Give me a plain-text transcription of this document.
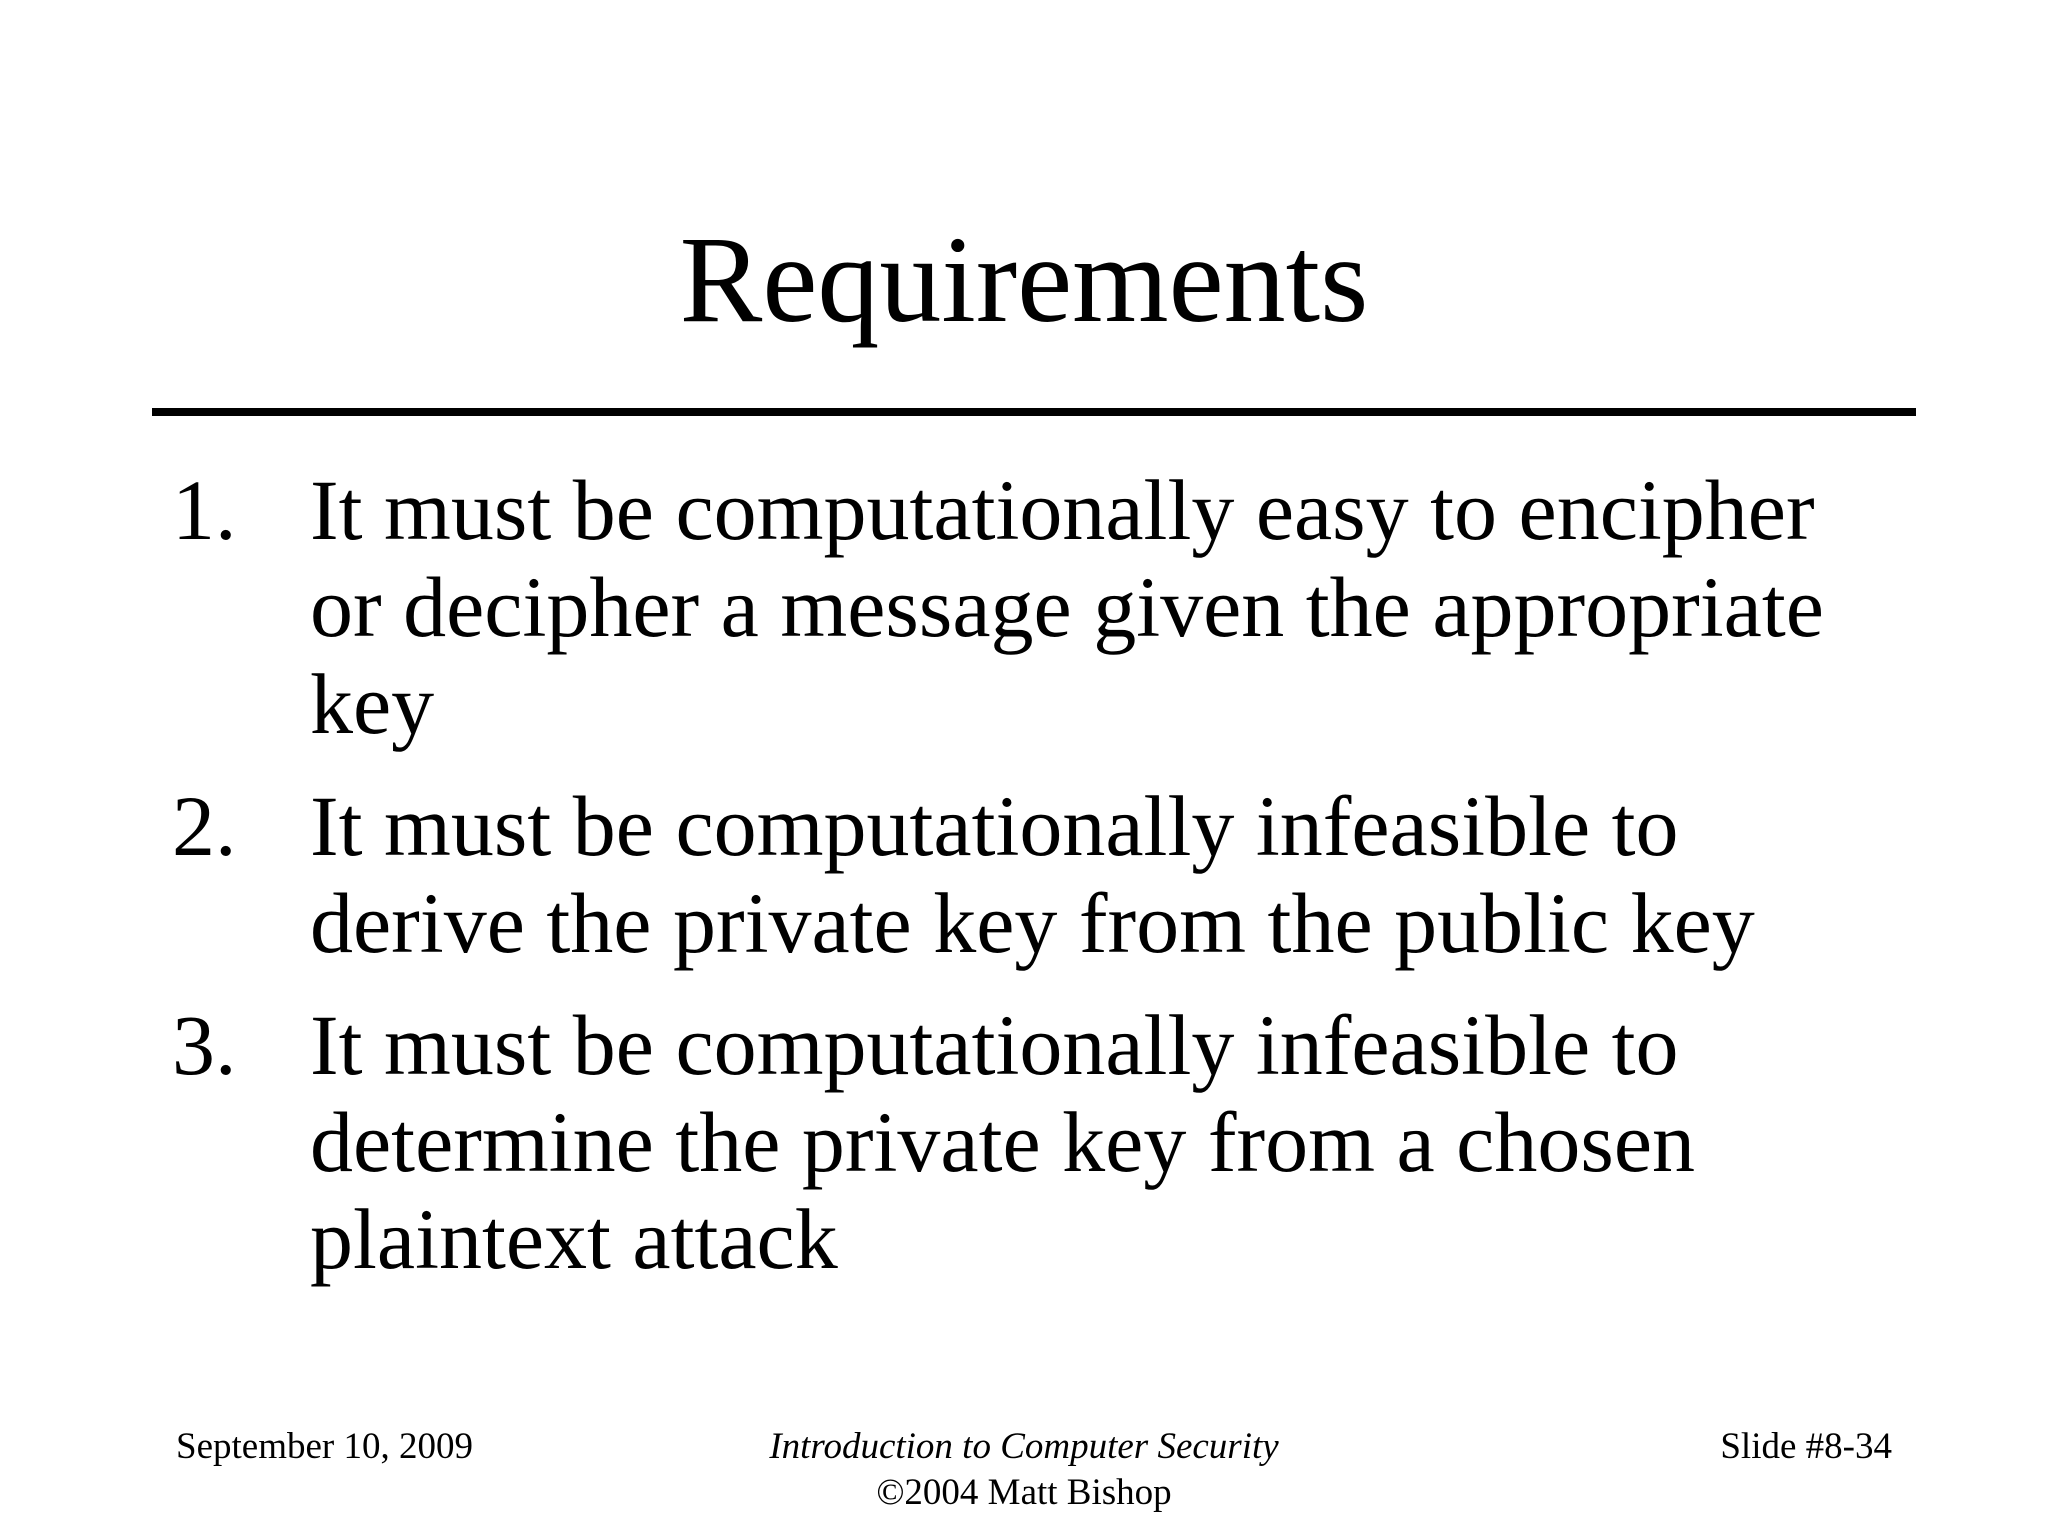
Requirements
1. It must be computationally easy to encipher or decipher a message given the appropriate key
2. It must be computationally infeasible to derive the private key from the public key
3. It must be computationally infeasible to determine the private key from a chosen plaintext attack
September 10, 2009	Introduction to Computer Security
©2004 Matt Bishop
Slide #8-34
